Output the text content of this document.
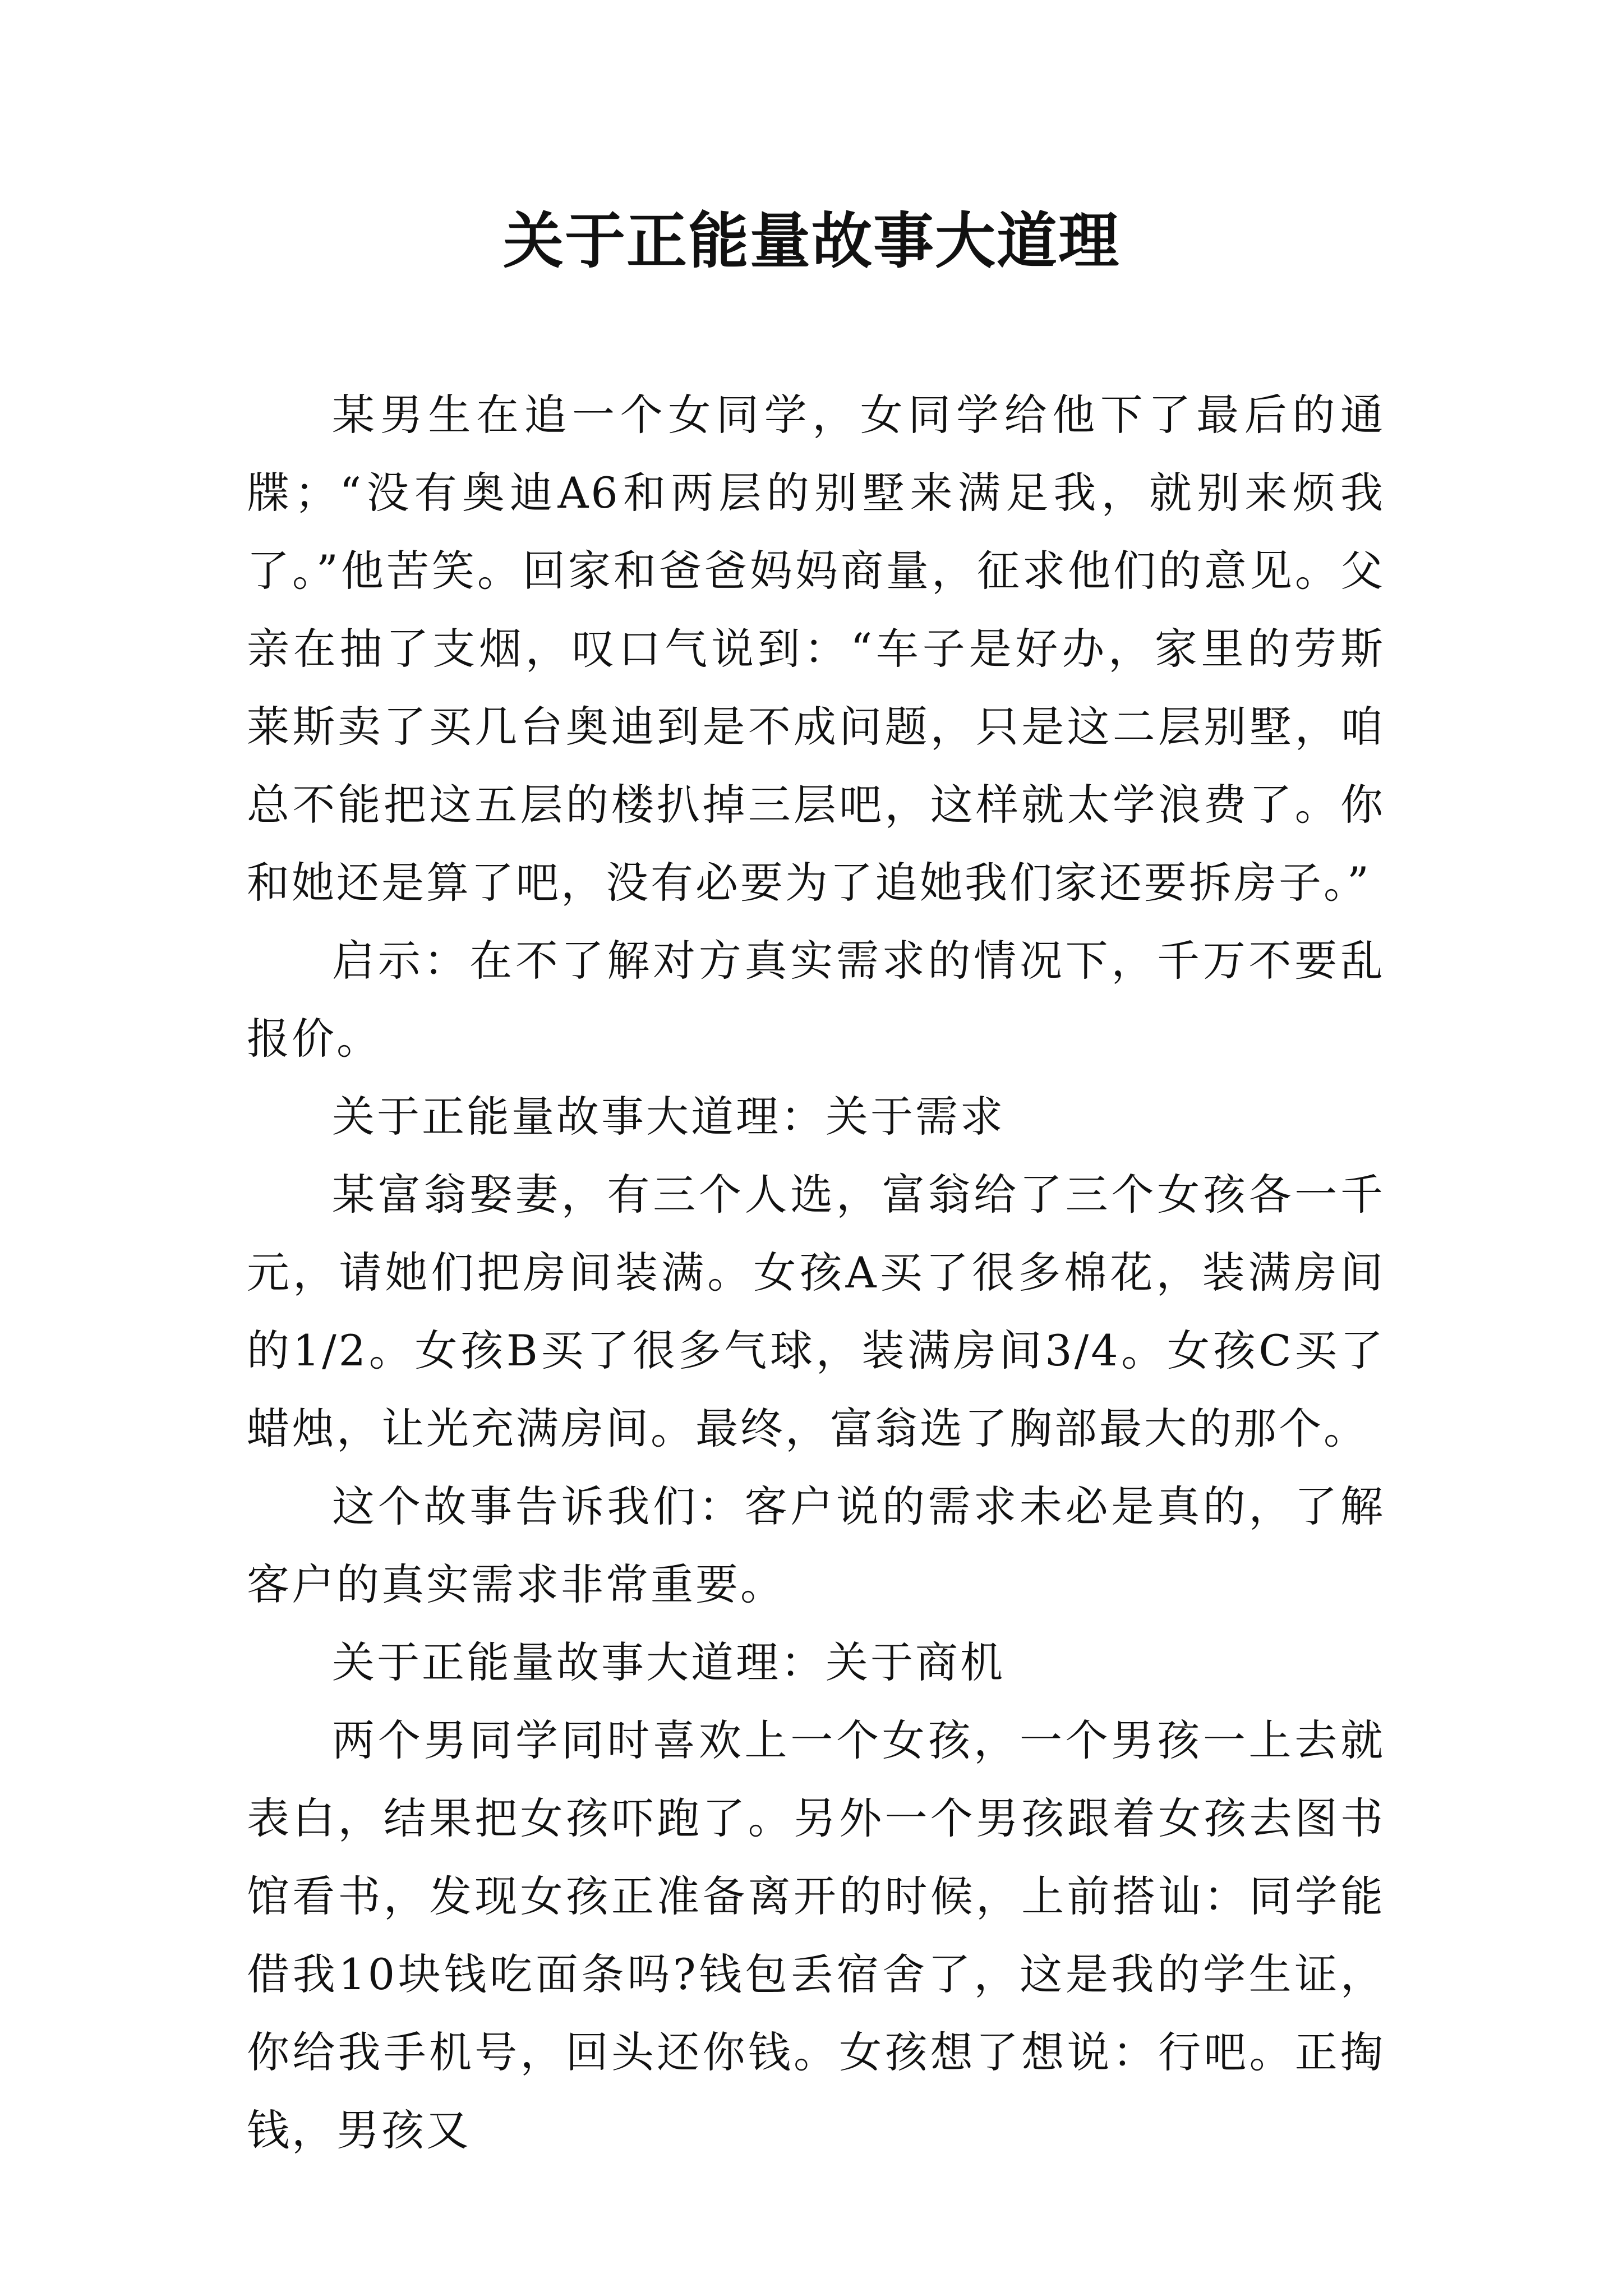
关于正能量故事大道理

某男生在追一个女同学，女同学给他下了最后的通牒；“没有奥迪A6和两层的别墅来满足我，就别来烦我了。”他苦笑。回家和爸爸妈妈商量，征求他们的意见。父亲在抽了支烟，叹口气说到：“车子是好办，家里的劳斯莱斯卖了买几台奥迪到是不成问题，只是这二层别墅，咱总不能把这五层的楼扒掉三层吧，这样就太学浪费了。你和她还是算了吧，没有必要为了追她我们家还要拆房子。”

启示：在不了解对方真实需求的情况下，千万不要乱报价。

关于正能量故事大道理：关于需求

某富翁娶妻，有三个人选，富翁给了三个女孩各一千元，请她们把房间装满。女孩A买了很多棉花，装满房间的1/2。女孩B买了很多气球，装满房间3/4。女孩C买了蜡烛，让光充满房间。最终，富翁选了胸部最大的那个。

这个故事告诉我们：客户说的需求未必是真的，了解客户的真实需求非常重要。

关于正能量故事大道理：关于商机

两个男同学同时喜欢上一个女孩，一个男孩一上去就表白，结果把女孩吓跑了。另外一个男孩跟着女孩去图书馆看书，发现女孩正准备离开的时候，上前搭讪：同学能借我10块钱吃面条吗?钱包丢宿舍了，这是我的学生证，你给我手机号，回头还你钱。女孩想了想说：行吧。正掏钱，男孩又
